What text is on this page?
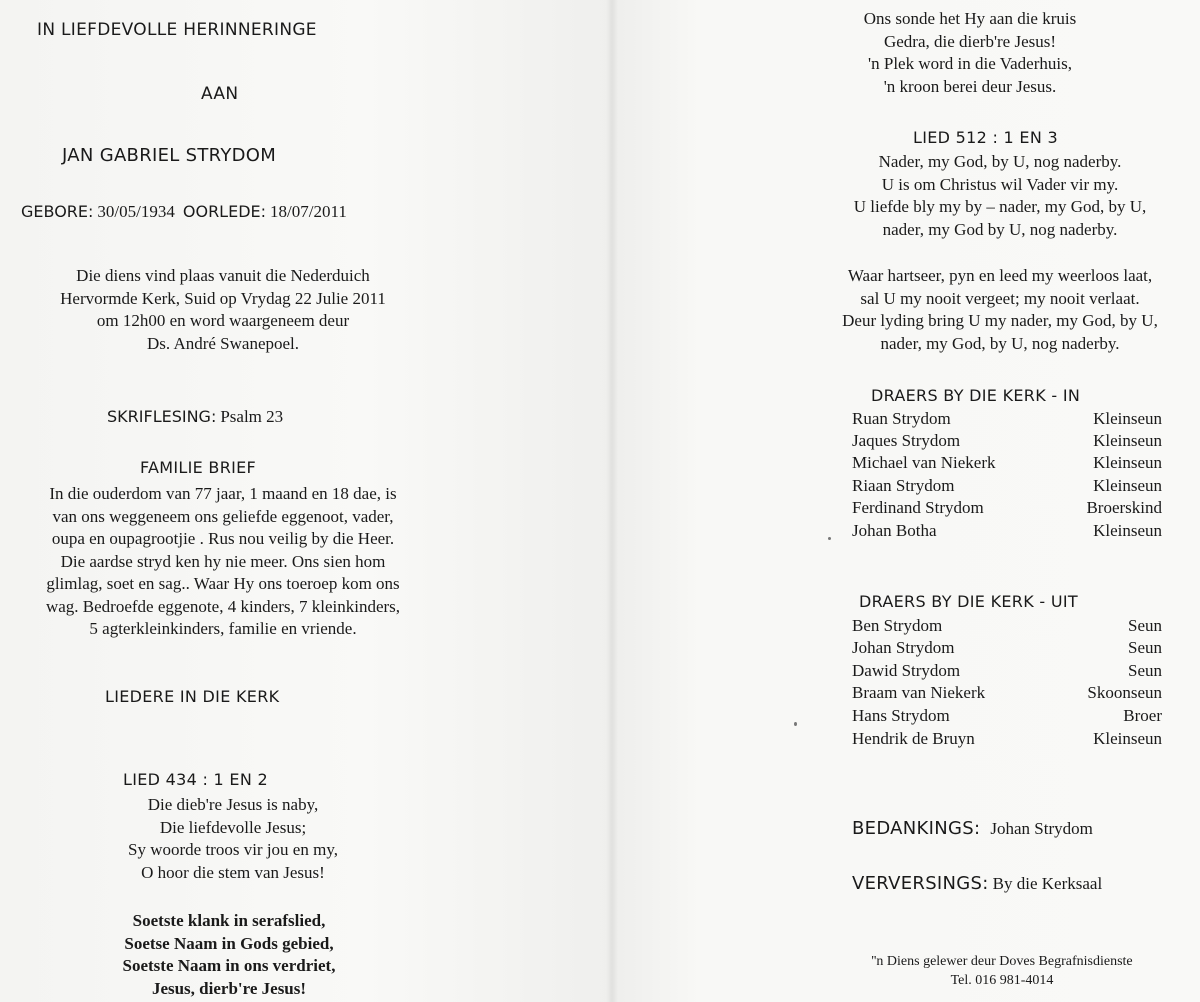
IN LIEFDEVOLLE HERINNERINGE
AAN
JAN GABRIEL STRYDOM
GEBORE: 30/05/1934 OORLEDE: 18/07/2011
Die diens vind plaas vanuit die Nederduich
Hervormde Kerk, Suid op Vrydag 22 Julie 2011
om 12h00 en word waargeneem deur
Ds. André Swanepoel.
SKRIFLESING: Psalm 23
FAMILIE BRIEF
In die ouderdom van 77 jaar, 1 maand en 18 dae, is
van ons weggeneem ons geliefde eggenoot, vader,
oupa en oupagrootjie . Rus nou veilig by die Heer.
Die aardse stryd ken hy nie meer. Ons sien hom
glimlag, soet en sag.. Waar Hy ons toeroep kom ons
wag. Bedroefde eggenote, 4 kinders, 7 kleinkinders,
5 agterkleinkinders, familie en vriende.
LIEDERE IN DIE KERK
LIED 434 : 1 EN 2
Die dieb're Jesus is naby,
Die liefdevolle Jesus;
Sy woorde troos vir jou en my,
O hoor die stem van Jesus!
Soetste klank in serafslied,
Soetse Naam in Gods gebied,
Soetste Naam in ons verdriet,
Jesus, dierb're Jesus!
Ons sonde het Hy aan die kruis
Gedra, die dierb're Jesus!
'n Plek word in die Vaderhuis,
'n kroon berei deur Jesus.
LIED 512 : 1 EN 3
Nader, my God, by U, nog naderby.
U is om Christus wil Vader vir my.
U liefde bly my by – nader, my God, by U,
nader, my God by U, nog naderby.
Waar hartseer, pyn en leed my weerloos laat,
sal U my nooit vergeet; my nooit verlaat.
Deur lyding bring U my nader, my God, by U,
nader, my God, by U, nog naderby.
DRAERS BY DIE KERK - IN
Ruan Strydom	Kleinseun
Jaques Strydom	Kleinseun
Michael van Niekerk	Kleinseun
Riaan Strydom	Kleinseun
Ferdinand Strydom	Broerskind
Johan Botha	Kleinseun
DRAERS BY DIE KERK - UIT
Ben Strydom	Seun
Johan Strydom	Seun
Dawid Strydom	Seun
Braam van Niekerk	Skoonseun
Hans Strydom	Broer
Hendrik de Bruyn	Kleinseun
BEDANKINGS: Johan Strydom
VERVERSINGS: By die Kerksaal
''n Diens gelewer deur Doves Begrafnisdienste
Tel. 016 981-4014
